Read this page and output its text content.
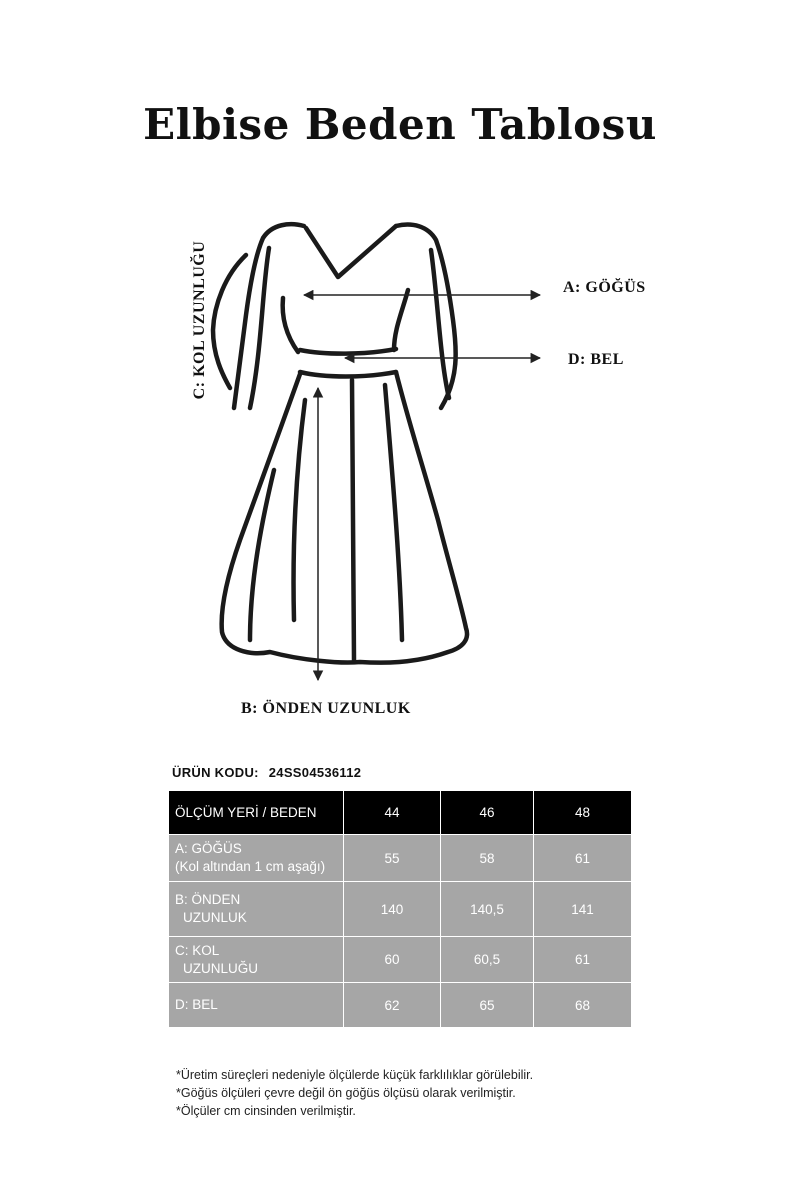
Elbise Beden Tablosu
A: GÖĞÜS
D: BEL
B: ÖNDEN UZUNLUK
C: KOL UZUNLUĞU
ÜRÜN KODU: 24SS04536112
ÖLÇÜM YERİ / BEDEN	44	46	48

A: GÖĞÜS
(Kol altından 1 cm aşağı)	55	58	61

B: ÖNDEN
UZUNLUK	140	140,5	141

C: KOL
UZUNLUĞU	60	60,5	61

D: BEL	62	65	68
*Üretim süreçleri nedeniyle ölçülerde küçük farklılıklar görülebilir.
*Göğüs ölçüleri çevre değil ön göğüs ölçüsü olarak verilmiştir.
*Ölçüler cm cinsinden verilmiştir.
